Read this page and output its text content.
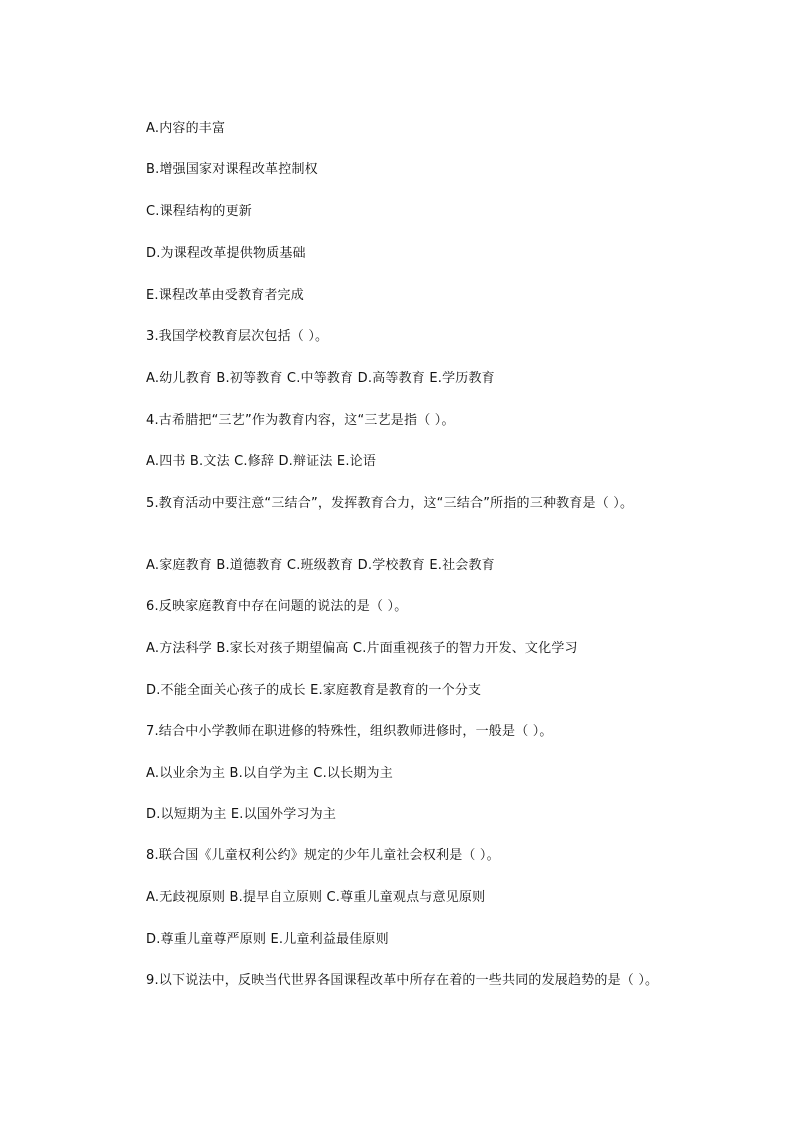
A.内容的丰富
B.增强国家对课程改革控制权
C.课程结构的更新
D.为课程改革提供物质基础
E.课程改革由受教育者完成
3.我国学校教育层次包括（ ）。
A.幼儿教育 B.初等教育 C.中等教育 D.高等教育 E.学历教育
4.古希腊把“三艺”作为教育内容，这“三艺是指（ ）。
A.四书 B.文法 C.修辞 D.辩证法 E.论语
5.教育活动中要注意“三结合”，发挥教育合力，这“三结合”所指的三种教育是（ ）。
A.家庭教育 B.道德教育 C.班级教育 D.学校教育 E.社会教育
6.反映家庭教育中存在问题的说法的是（ ）。
A.方法科学 B.家长对孩子期望偏高 C.片面重视孩子的智力开发、文化学习
D.不能全面关心孩子的成长 E.家庭教育是教育的一个分支
7.结合中小学教师在职进修的特殊性，组织教师进修时，一般是（ ）。
A.以业余为主 B.以自学为主 C.以长期为主
D.以短期为主 E.以国外学习为主
8.联合国《儿童权利公约》规定的少年儿童社会权利是（ ）。
A.无歧视原则 B.提早自立原则 C.尊重儿童观点与意见原则
D.尊重儿童尊严原则 E.儿童利益最佳原则
9.以下说法中，反映当代世界各国课程改革中所存在着的一些共同的发展趋势的是（ ）。
